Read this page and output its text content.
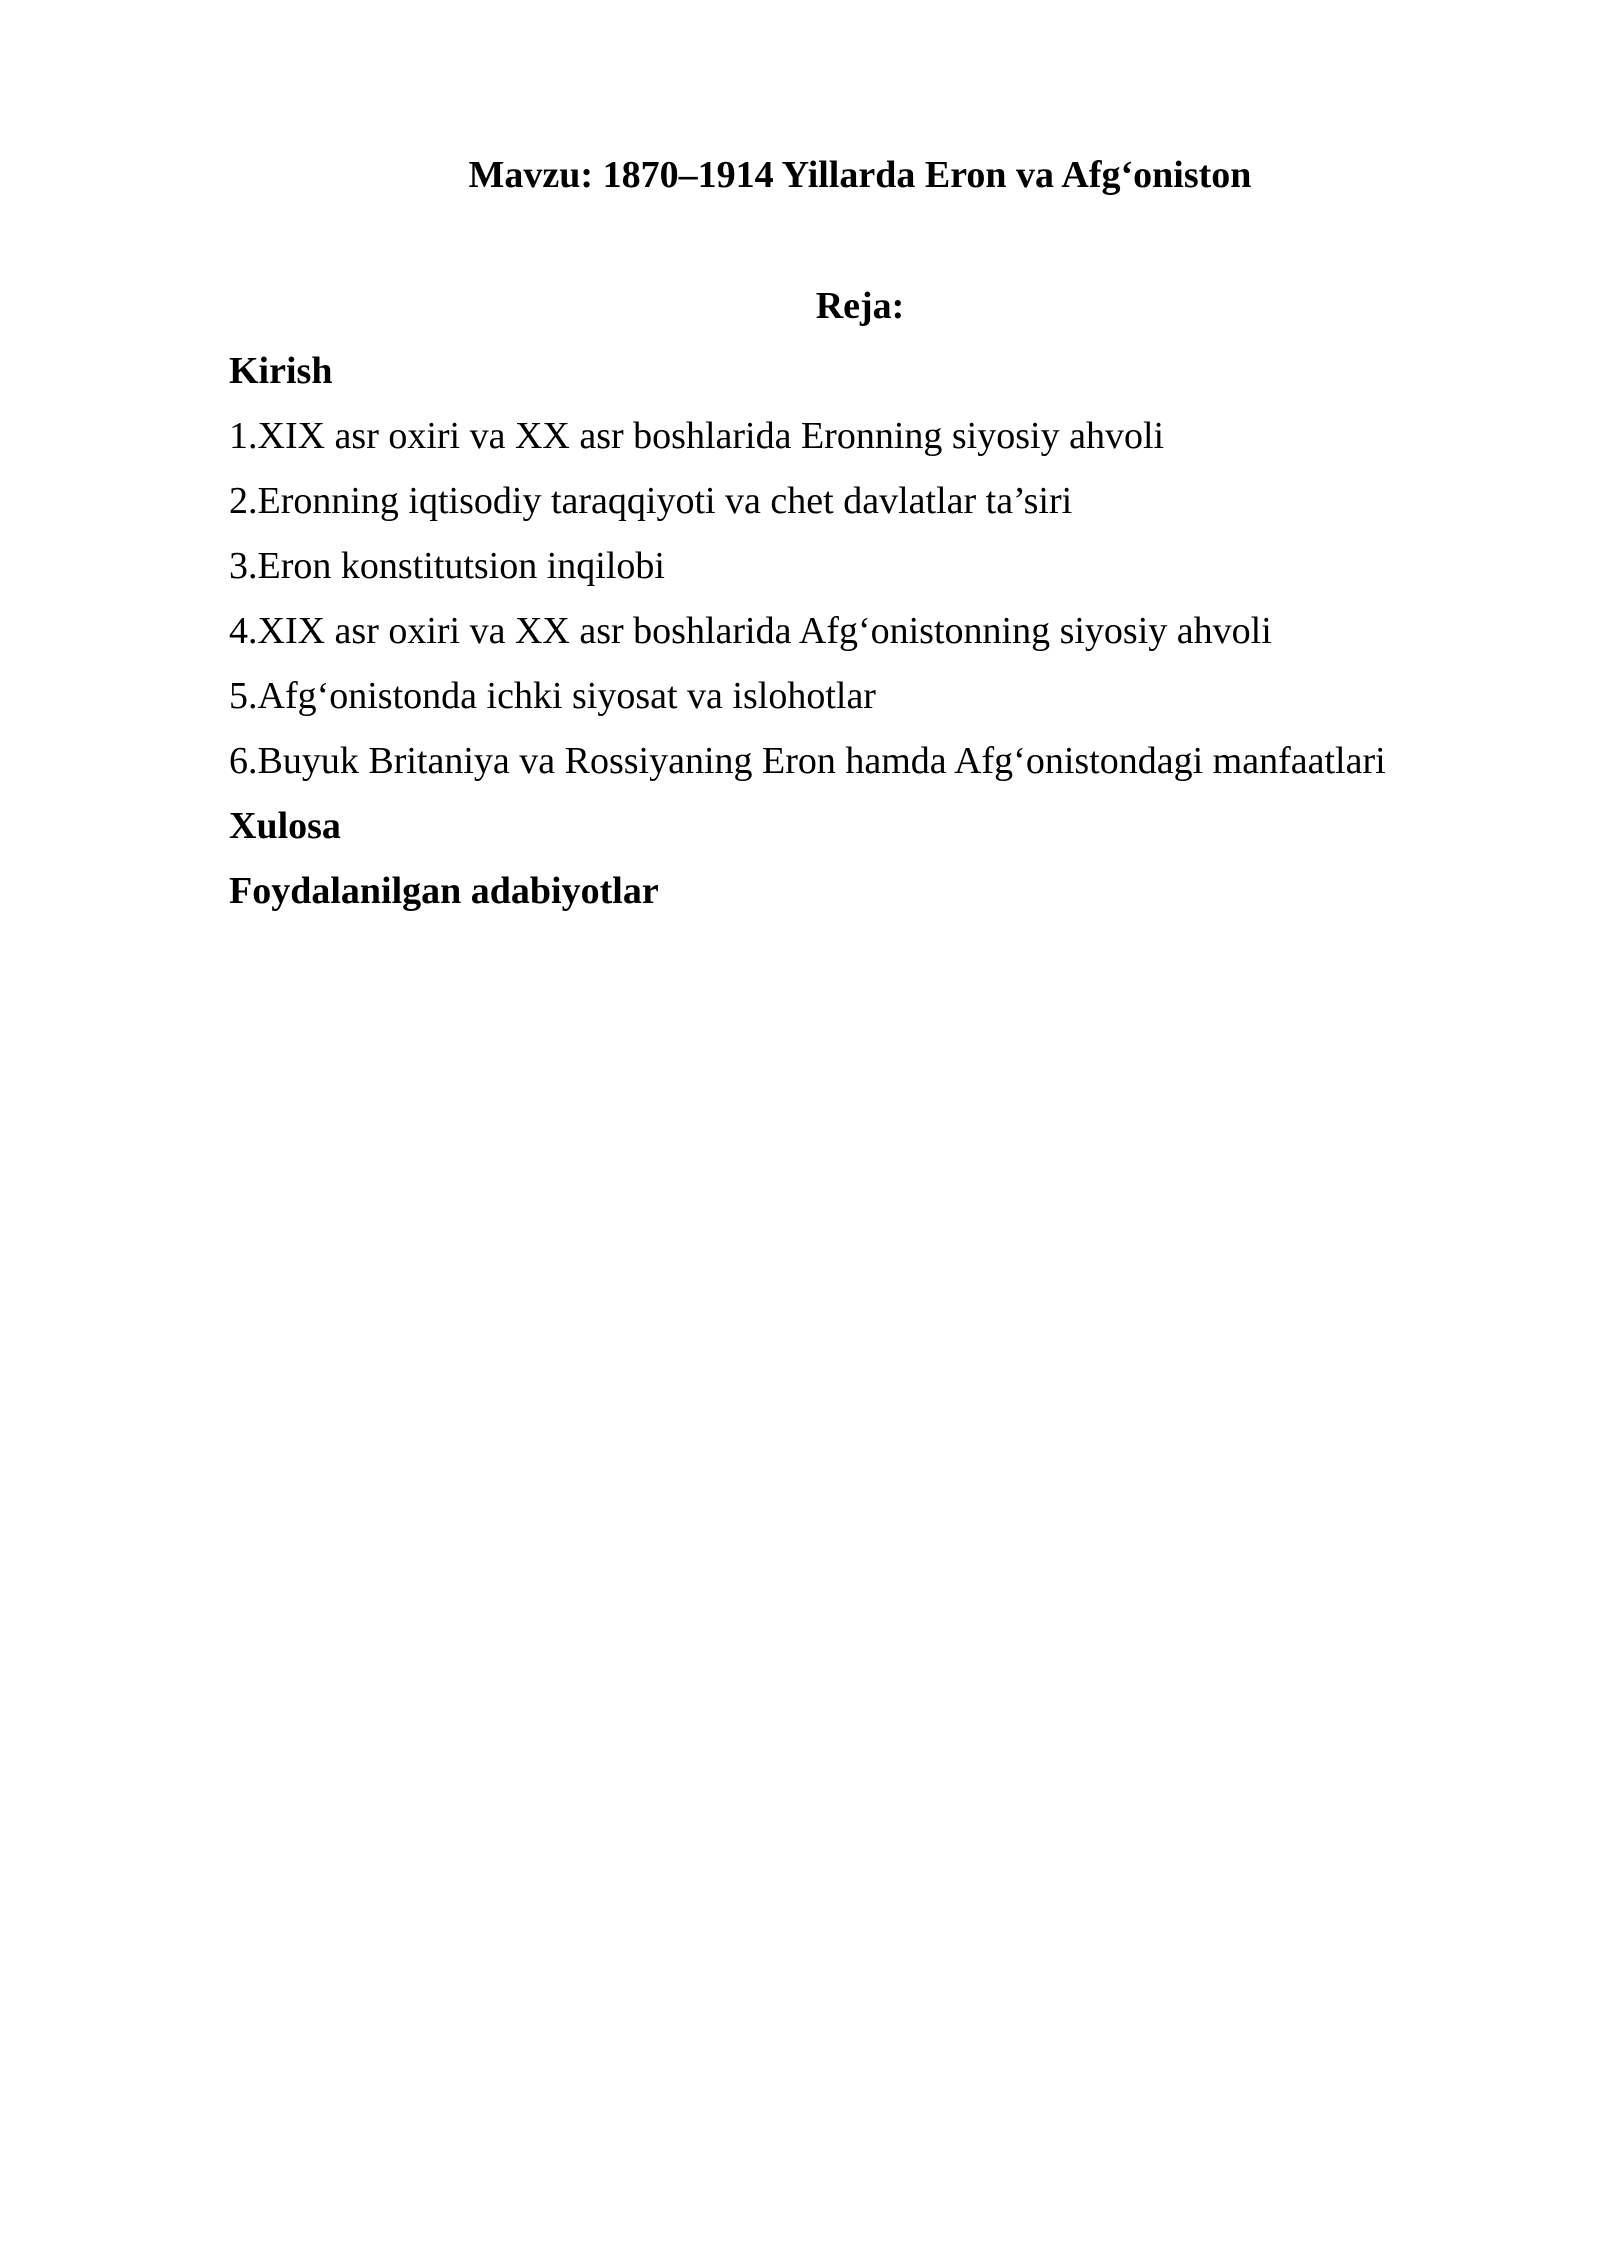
Mavzu: 1870–1914 Yillarda Eron va Afg‘oniston
Reja:
Kirish
1.XIX asr oxiri va XX asr boshlarida Eronning siyosiy ahvoli
2.Eronning iqtisodiy taraqqiyoti va chet davlatlar ta’siri
3.Eron konstitutsion inqilobi
4.XIX asr oxiri va XX asr boshlarida Afg‘onistonning siyosiy ahvoli
5.Afg‘onistonda ichki siyosat va islohotlar
6.Buyuk Britaniya va Rossiyaning Eron hamda Afg‘onistondagi manfaatlari
Xulosa
Foydalanilgan adabiyotlar
